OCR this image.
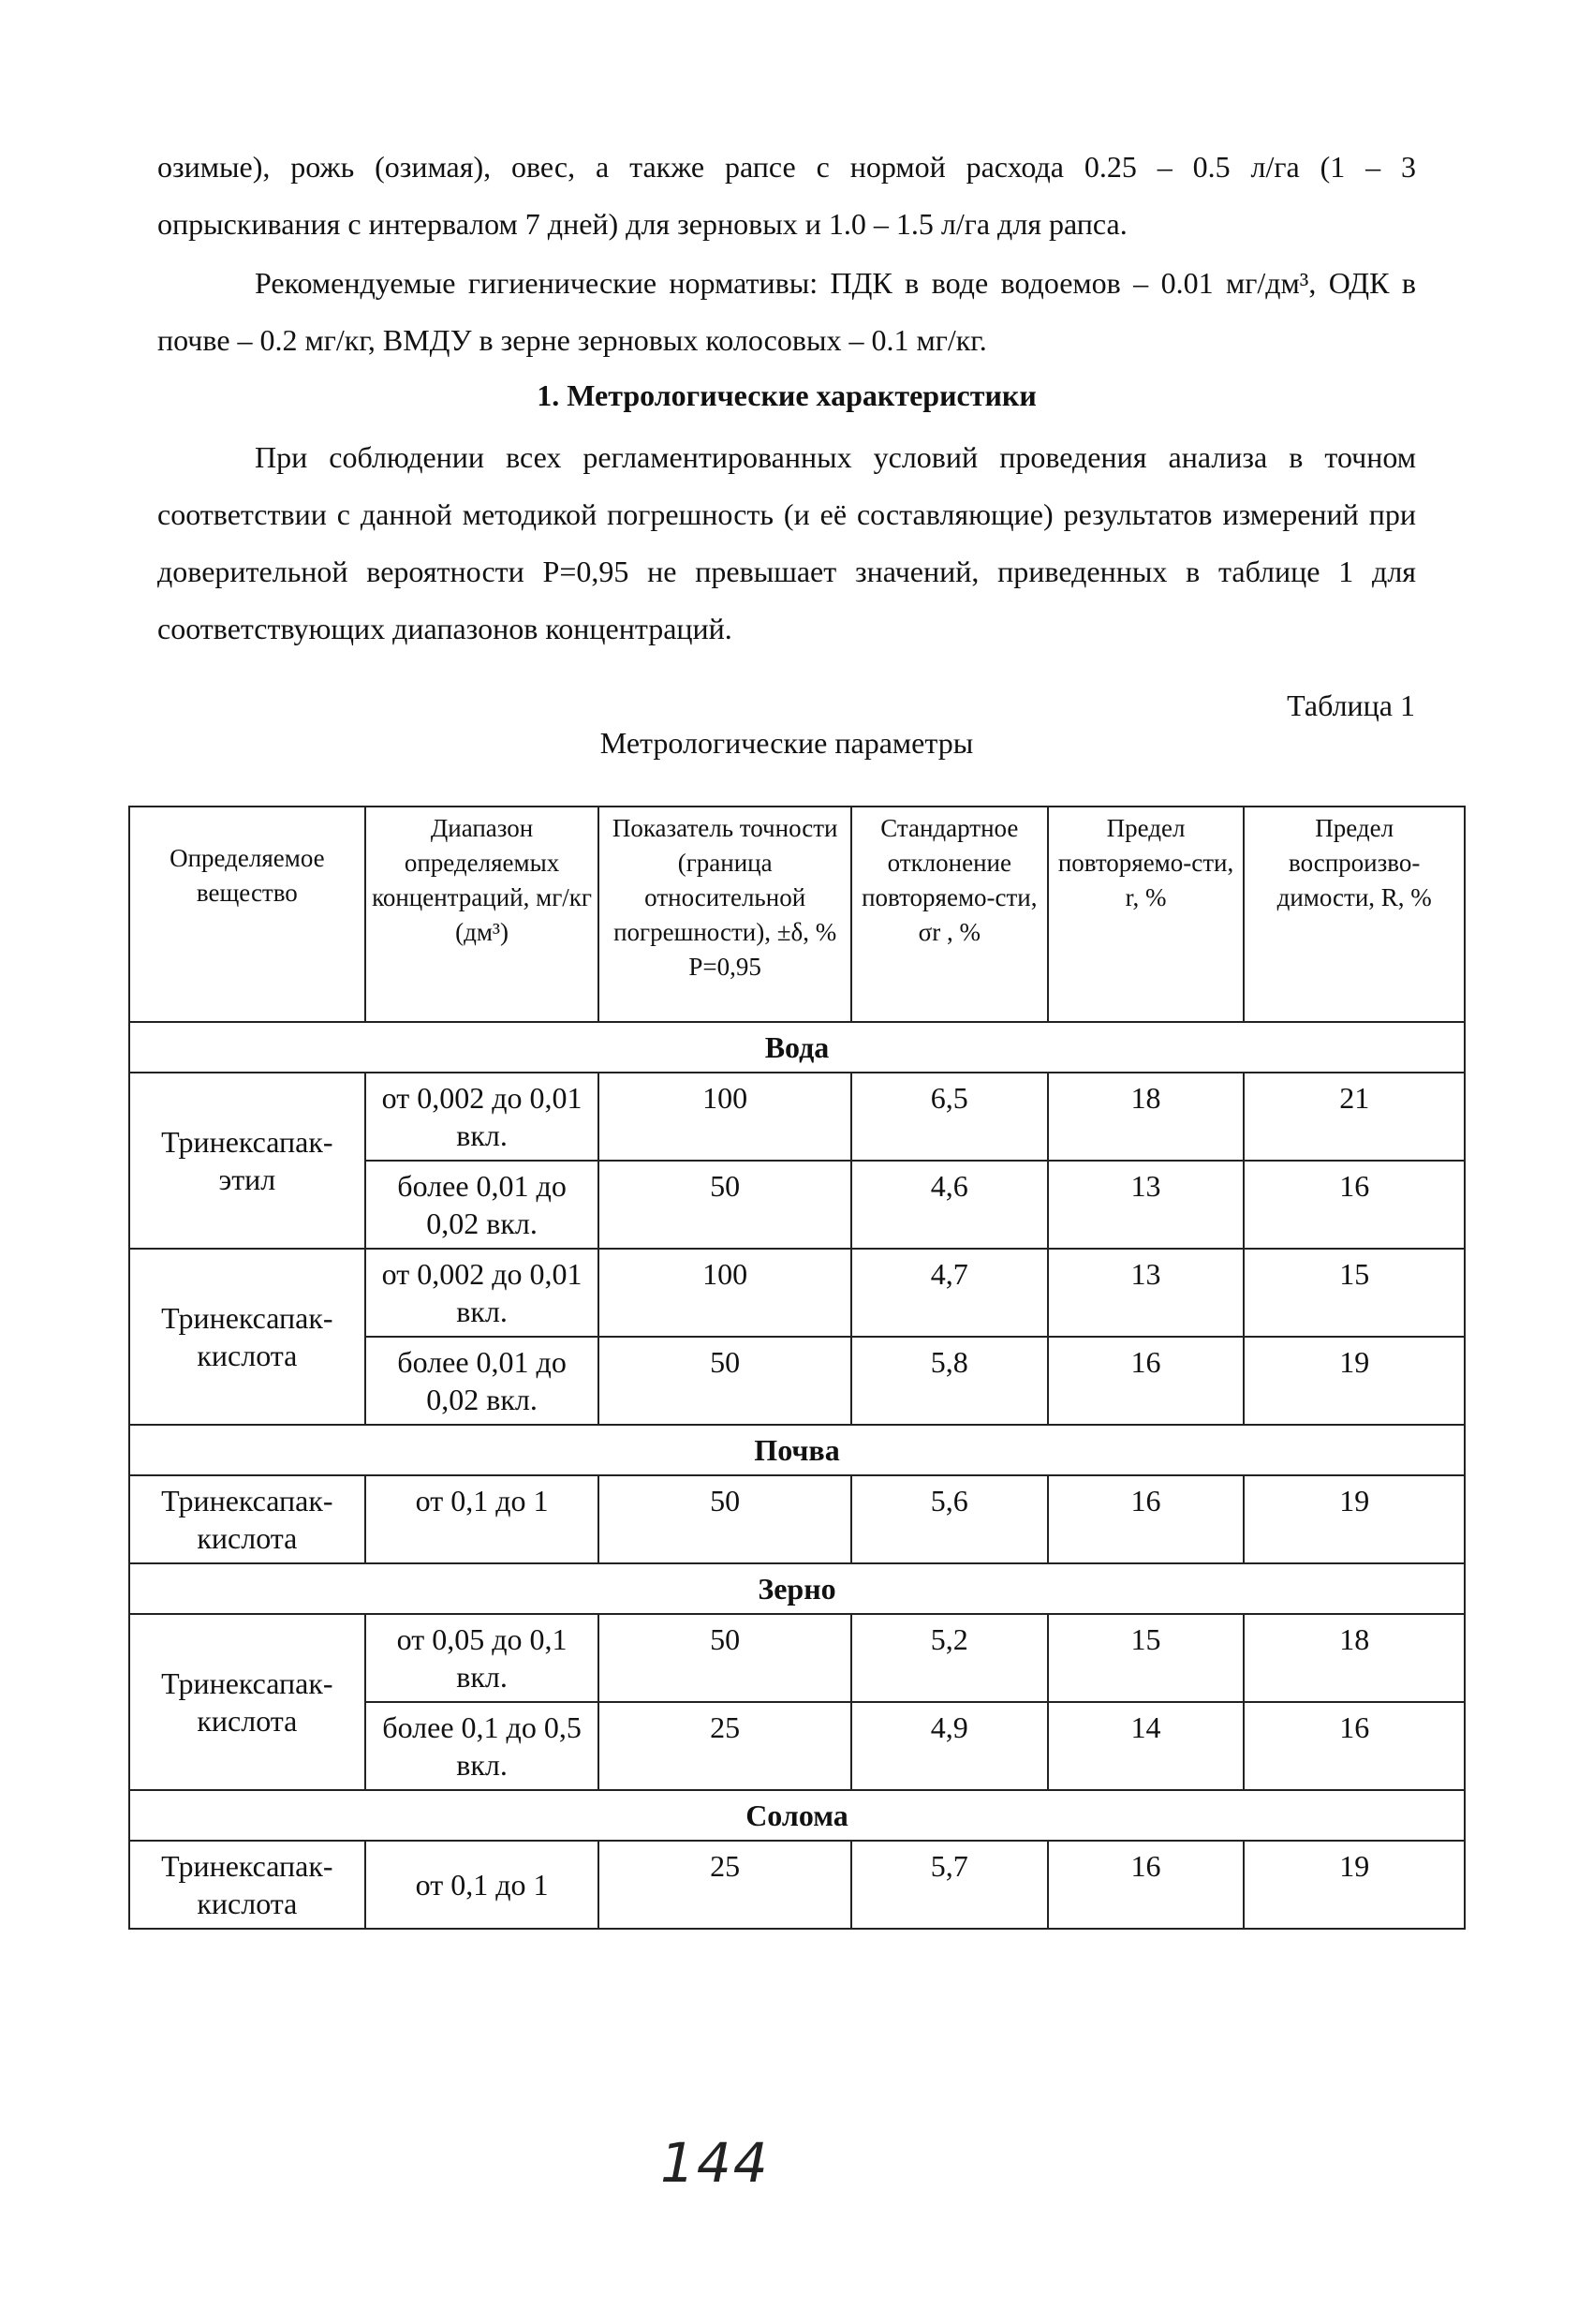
озимые), рожь (озимая), овес, а также рапсе с нормой расхода 0.25 – 0.5 л/га (1 – 3
опрыскивания с интервалом 7 дней) для зерновых и 1.0 – 1.5 л/га для рапса.
Рекомендуемые гигиенические нормативы: ПДК в воде водоемов – 0.01 мг/дм³, ОДК в почве – 0.2 мг/кг, ВМДУ в зерне зерновых колосовых – 0.1 мг/кг.
1. Метрологические характеристики
При соблюдении всех регламентированных условий проведения анализа в точном соответствии с данной методикой погрешность (и её составляющие) результатов измерений при доверительной вероятности Р=0,95 не превышает значений, приведенных в таблице 1 для соответствующих диапазонов концентраций.
Таблица 1
Метрологические параметры
Определяемое вещество	Диапазон определяемых концентраций, мг/кг (дм³)	Показатель точности (граница относительной погрешности), ±δ, % Р=0,95	Стандартное отклонение повторяемо-сти, σr , %	Предел повторяемо-сти, r, %	Предел воспроизво-димости, R, %
Вода					
Тринексапак-этил	от 0,002 до 0,01 вкл.	100	6,5	18	21
	более 0,01 до 0,02 вкл.	50	4,6	13	16
Тринексапак-кислота	от 0,002 до 0,01 вкл.	100	4,7	13	15
	более 0,01 до 0,02 вкл.	50	5,8	16	19
Почва					
Тринексапак-кислота	от 0,1 до 1	50	5,6	16	19
Зерно					
Тринексапак-кислота	от 0,05 до 0,1 вкл.	50	5,2	15	18
	более 0,1 до 0,5 вкл.	25	4,9	14	16
Солома					
Тринексапак-кислота	от 0,1 до 1	25	5,7	16	19
144
